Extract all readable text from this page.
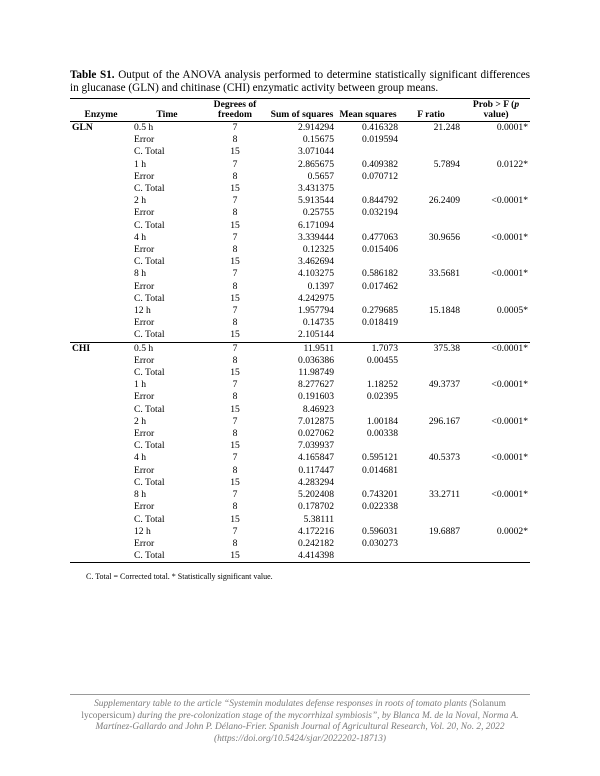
Table S1. Output of the ANOVA analysis performed to determine statistically significant differences in glucanase (GLN) and chitinase (CHI) enzymatic activity between group means.
Enzyme	Time	Degrees of freedom	Sum of squares	Mean squares	F ratio	Prob > F (p value)
GLN	0.5 h	7	2.914294	0.416328	21.248	0.0001*
	Error	8	0.15675	0.019594		
	C. Total	15	3.071044			
	1 h	7	2.865675	0.409382	5.7894	0.0122*
	Error	8	0.5657	0.070712		
	C. Total	15	3.431375			
	2 h	7	5.913544	0.844792	26.2409	<0.0001*
	Error	8	0.25755	0.032194		
	C. Total	15	6.171094			
	4 h	7	3.339444	0.477063	30.9656	<0.0001*
	Error	8	0.12325	0.015406		
	C. Total	15	3.462694			
	8 h	7	4.103275	0.586182	33.5681	<0.0001*
	Error	8	0.1397	0.017462		
	C. Total	15	4.242975			
	12 h	7	1.957794	0.279685	15.1848	0.0005*
	Error	8	0.14735	0.018419		
	C. Total	15	2.105144			
CHI	0.5 h	7	11.9511	1.7073	375.38	<0.0001*
	Error	8	0.036386	0.00455		
	C. Total	15	11.98749			
	1 h	7	8.277627	1.18252	49.3737	<0.0001*
	Error	8	0.191603	0.02395		
	C. Total	15	8.46923			
	2 h	7	7.012875	1.00184	296.167	<0.0001*
	Error	8	0.027062	0.00338		
	C. Total	15	7.039937			
	4 h	7	4.165847	0.595121	40.5373	<0.0001*
	Error	8	0.117447	0.014681		
	C. Total	15	4.283294			
	8 h	7	5.202408	0.743201	33.2711	<0.0001*
	Error	8	0.178702	0.022338		
	C. Total	15	5.38111			
	12 h	7	4.172216	0.596031	19.6887	0.0002*
	Error	8	0.242182	0.030273		
	C. Total	15	4.414398			
C. Total = Corrected total. * Statistically significant value.
Supplementary table to the article “Systemin modulates defense responses in roots of tomato plants (Solanum lycopersicum) during the pre-colonization stage of the mycorrhizal symbiosis”, by Blanca M. de la Noval, Norma A. Martínez-Gallardo and John P. Délano-Frier. Spanish Journal of Agricultural Research, Vol. 20, No. 2, 2022 (https://doi.org/10.5424/sjar/2022202-18713)
